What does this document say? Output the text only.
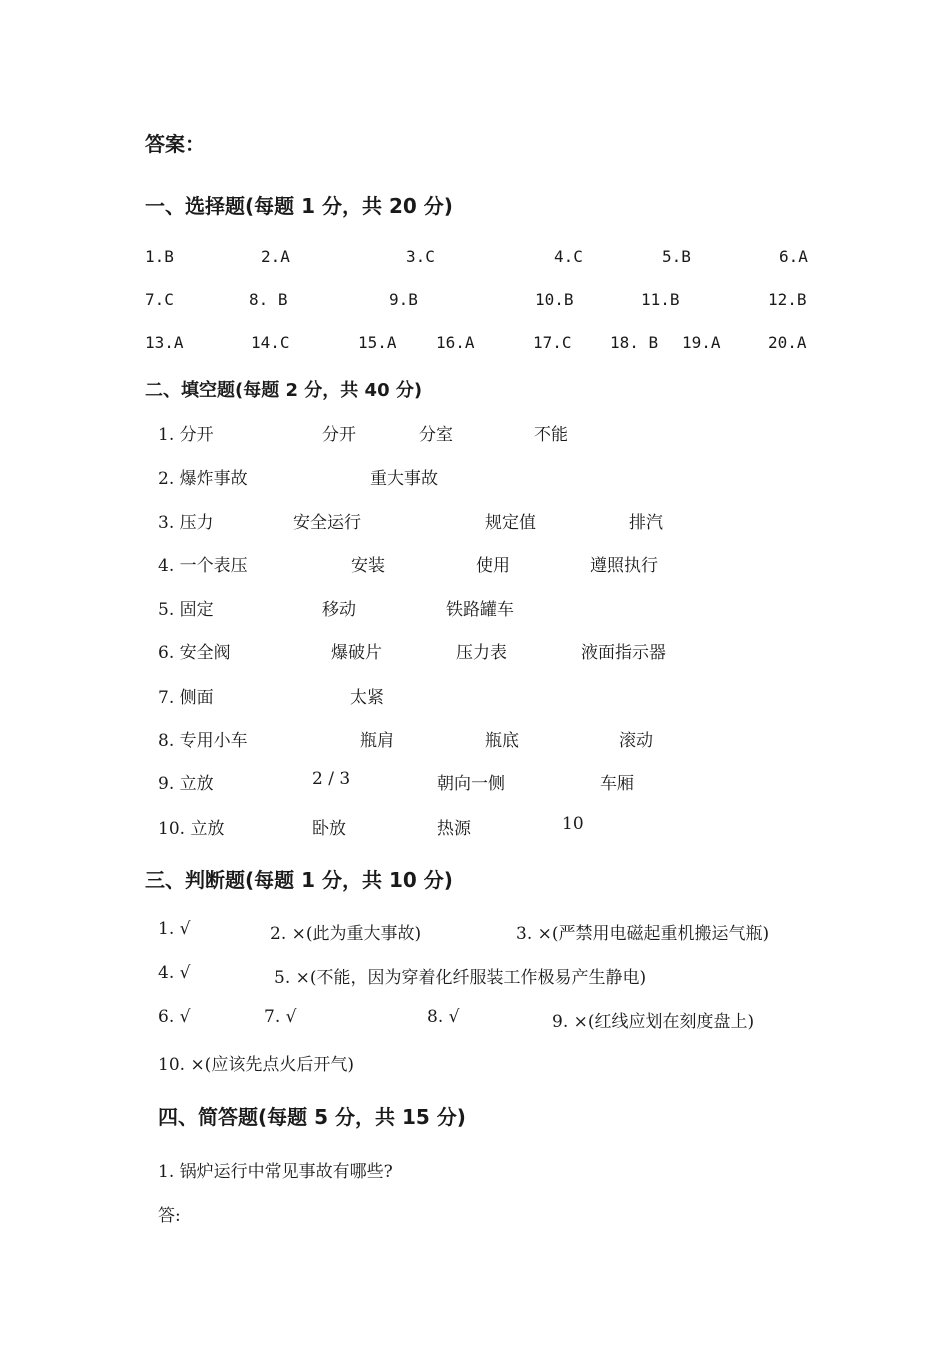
答案：
一、选择题(每题 1 分，共 20 分)
1.B	2.A	3.C	4.C	5.B	6.A
7.C	8. B	9.B	10.B	11.B	12.B
13.A	14.C	15.A 16.A	17.C 18. B 19.A	20.A
二、填空题(每题 2 分，共 40 分)
1. 分开	分开	分室	不能
2. 爆炸事故	重大事故
3. 压力	安全运行	规定值	排汽
4. 一个表压	安装	使用	遵照执行
5. 固定	移动	铁路罐车
6. 安全阀	爆破片	压力表	液面指示器
7. 侧面	太紧
8. 专用小车	瓶肩	瓶底	滚动
9. 立放	2 / 3	朝向一侧	车厢
10. 立放	卧放	热源	10
三、判断题(每题 1 分，共 10 分)
1. √	2. ×(此为重大事故)	3. ×(严禁用电磁起重机搬运气瓶)
4. √	5. ×(不能，因为穿着化纤服装工作极易产生静电)
6. √	7. √	8. √	9. ×(红线应划在刻度盘上)
10. ×(应该先点火后开气)
四、简答题(每题 5 分，共 15 分)
1. 锅炉运行中常见事故有哪些?
答:
